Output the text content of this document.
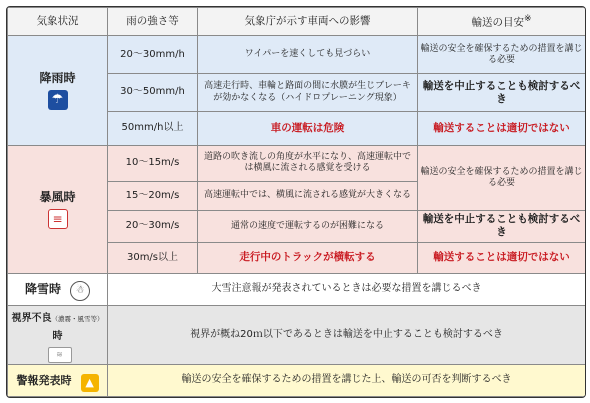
気象状況	雨の強さ等	気象庁が示す車両への影響	輸送の目安※

降雨時
☂	20～30mm/h	ワイパーを速くしても見づらい	輸送の安全を確保するための措置を講じる必要
	30～50mm/h	高速走行時、車輪と路面の間に水膜が生じブレーキが効かなくなる（ハイドロプレーニング現象）	輸送を中止することも検討するべき
	50mm/h以上	車の運転は危険	輸送することは適切ではない

暴風時
≡	10～15m/s	道路の吹き流しの角度が水平になり、高速運転中では横風に流される感覚を受ける	輸送の安全を確保するための措置を講じる必要
	15～20m/s	高速運転中では、横風に流される感覚が大きくなる	
	20～30m/s	通常の速度で運転するのが困難になる	輸送を中止することも検討するべき
	30m/s以上	走行中のトラックが横転する	輸送することは適切ではない
降雪時 ☃	大雪注意報が発表されているときは必要な措置を講じるべき		
視界不良（濃霧・風雪等）時 ≋	視界が概ね20ｍ以下であるときは輸送を中止することも検討するべき		
警報発表時 ▲	輸送の安全を確保するための措置を講じた上、輸送の可否を判断するべき		
